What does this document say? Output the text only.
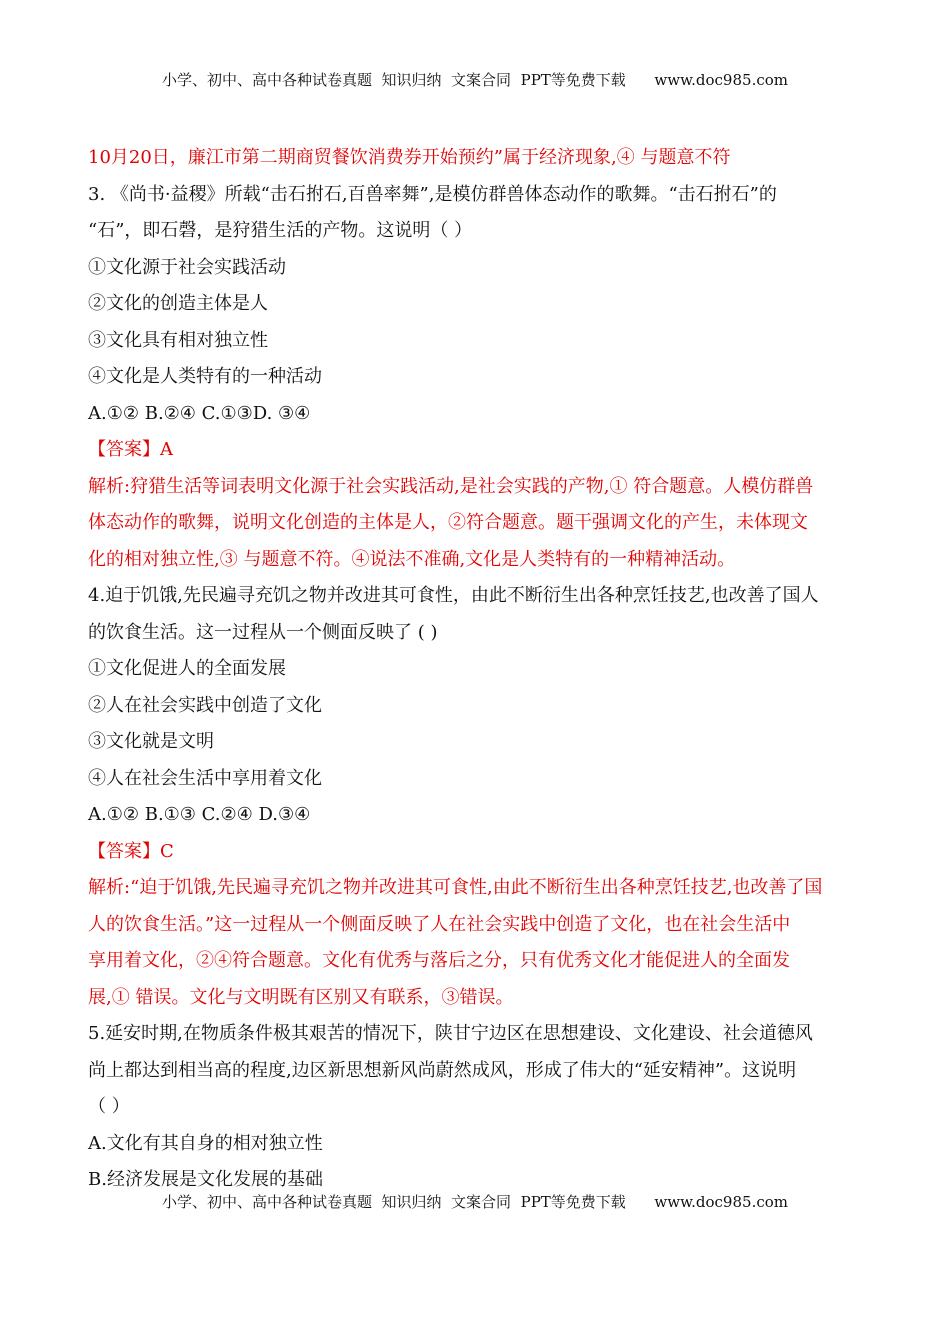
小学、初中、高中各种试卷真题  知识归纳  文案合同  PPT等免费下载      www.doc985.com
10月20日，廉江市第二期商贸餐饮消费券开始预约”属于经济现象,④ 与题意不符
3. 《尚书·益稷》所载“击石拊石,百兽率舞”,是模仿群兽体态动作的歌舞。“击石拊石”的
“石”，即石磬，是狩猎生活的产物。这说明（ ）
①文化源于社会实践活动
②文化的创造主体是人
③文化具有相对独立性
④文化是人类特有的一种活动
A.①② B.②④ C.①③D. ③④
【答案】A
解析:狩猎生活等词表明文化源于社会实践活动,是社会实践的产物,① 符合题意。人模仿群兽
体态动作的歌舞，说明文化创造的主体是人，②符合题意。题干强调文化的产生，未体现文
化的相对独立性,③ 与题意不符。④说法不准确,文化是人类特有的一种精神活动。
4.迫于饥饿,先民遍寻充饥之物并改进其可食性，由此不断衍生出各种烹饪技艺,也改善了国人
的饮食生活。这一过程从一个侧面反映了 ( )
①文化促进人的全面发展
②人在社会实践中创造了文化
③文化就是文明
④人在社会生活中享用着文化
A.①② B.①③ C.②④ D.③④
【答案】C
解析:“迫于饥饿,先民遍寻充饥之物并改进其可食性,由此不断衍生出各种烹饪技艺,也改善了国
人的饮食生活。”这一过程从一个侧面反映了人在社会实践中创造了文化，也在社会生活中
享用着文化，②④符合题意。文化有优秀与落后之分，只有优秀文化才能促进人的全面发
展,① 错误。文化与文明既有区别又有联系，③错误。
5.延安时期,在物质条件极其艰苦的情况下，陕甘宁边区在思想建设、文化建设、社会道德风
尚上都达到相当高的程度,边区新思想新风尚蔚然成风，形成了伟大的“延安精神”。这说明
（ ）
A.文化有其自身的相对独立性
B.经济发展是文化发展的基础
小学、初中、高中各种试卷真题  知识归纳  文案合同  PPT等免费下载      www.doc985.com
